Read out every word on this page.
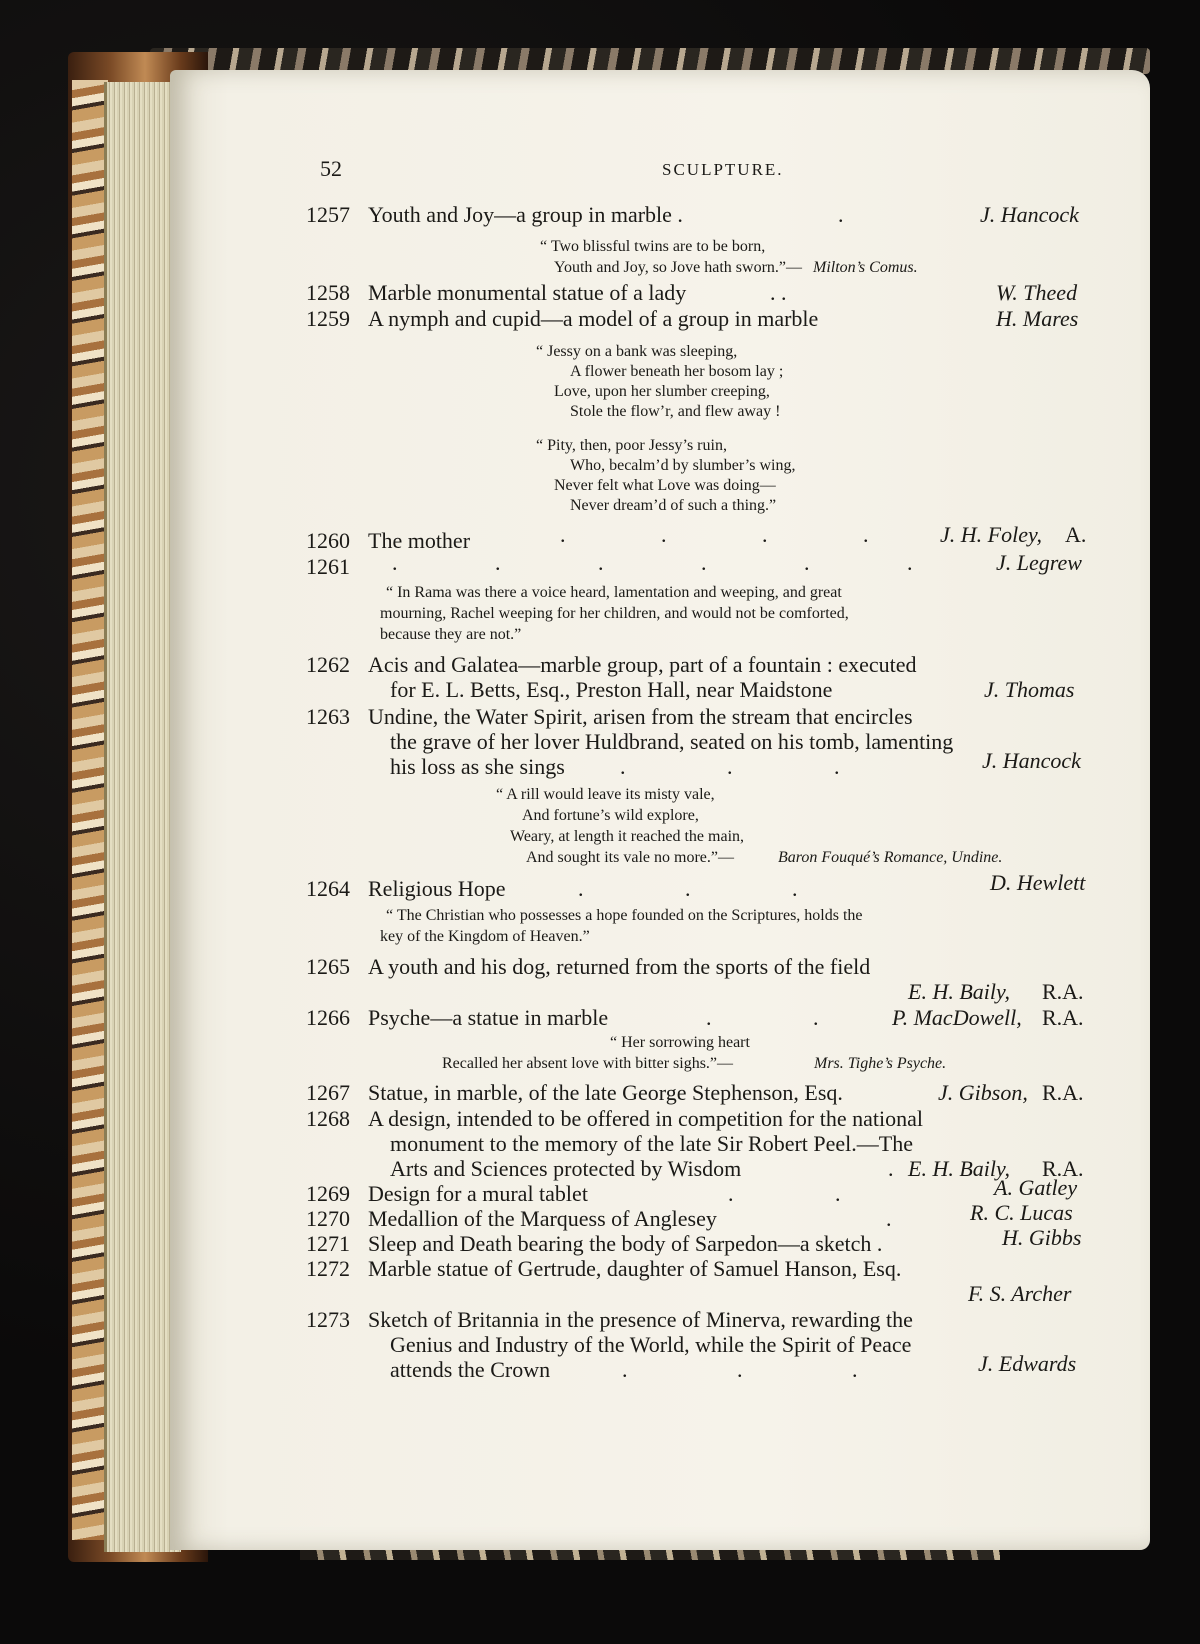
52	SCULPTURE.
1257 Youth and Joy—a group in marble .	.	J. Hancock
“ Two blissful twins are to be born,
Youth and Joy, so Jove hath sworn.”— Milton’s Comus.
1258 Marble monumental statue of a lady	. .	W. Theed
1259 A nymph and cupid—a model of a group in marble	H. Mares
“ Jessy on a bank was sleeping,
A flower beneath her bosom lay ;
Love, upon her slumber creeping,
Stole the flow’r, and flew away !
“ Pity, then, poor Jessy’s ruin,
Who, becalm’d by slumber’s wing,
Never felt what Love was doing—
Never dream’d of such a thing.”
1260 The mother	. . . .	J. H. Foley, A.
1261 . . . . . .	J. Legrew
“ In Rama was there a voice heard, lamentation and weeping, and great
mourning, Rachel weeping for her children, and would not be comforted,
because they are not.”
1262 Acis and Galatea—marble group, part of a fountain : executed
for E. L. Betts, Esq., Preston Hall, near Maidstone	J. Thomas
1263 Undine, the Water Spirit, arisen from the stream that encircles
the grave of her lover Huldbrand, seated on his tomb, lamenting
his loss as she sings	. . .	J. Hancock
“ A rill would leave its misty vale,
And fortune’s wild explore,
Weary, at length it reached the main,
And sought its vale no more.”—	Baron Fouqué’s Romance, Undine.
1264 Religious Hope	. . .	D. Hewlett
“ The Christian who possesses a hope founded on the Scriptures, holds the
key of the Kingdom of Heaven.”
1265 A youth and his dog, returned from the sports of the field
E. H. Baily, R.A.
1266 Psyche—a statue in marble	. .	P. MacDowell, R.A.
“ Her sorrowing heart
Recalled her absent love with bitter sighs.”—	Mrs. Tighe’s Psyche.
1267 Statue, in marble, of the late George Stephenson, Esq.	J. Gibson, R.A.
1268 A design, intended to be offered in competition for the national
monument to the memory of the late Sir Robert Peel.—The
Arts and Sciences protected by Wisdom	. E. H. Baily, R.A.
1269 Design for a mural tablet	. .	A. Gatley
1270 Medallion of the Marquess of Anglesey	.	R. C. Lucas
1271 Sleep and Death bearing the body of Sarpedon—a sketch .	H. Gibbs
1272 Marble statue of Gertrude, daughter of Samuel Hanson, Esq.
F. S. Archer
1273 Sketch of Britannia in the presence of Minerva, rewarding the
Genius and Industry of the World, while the Spirit of Peace
attends the Crown	. . .	J. Edwards
